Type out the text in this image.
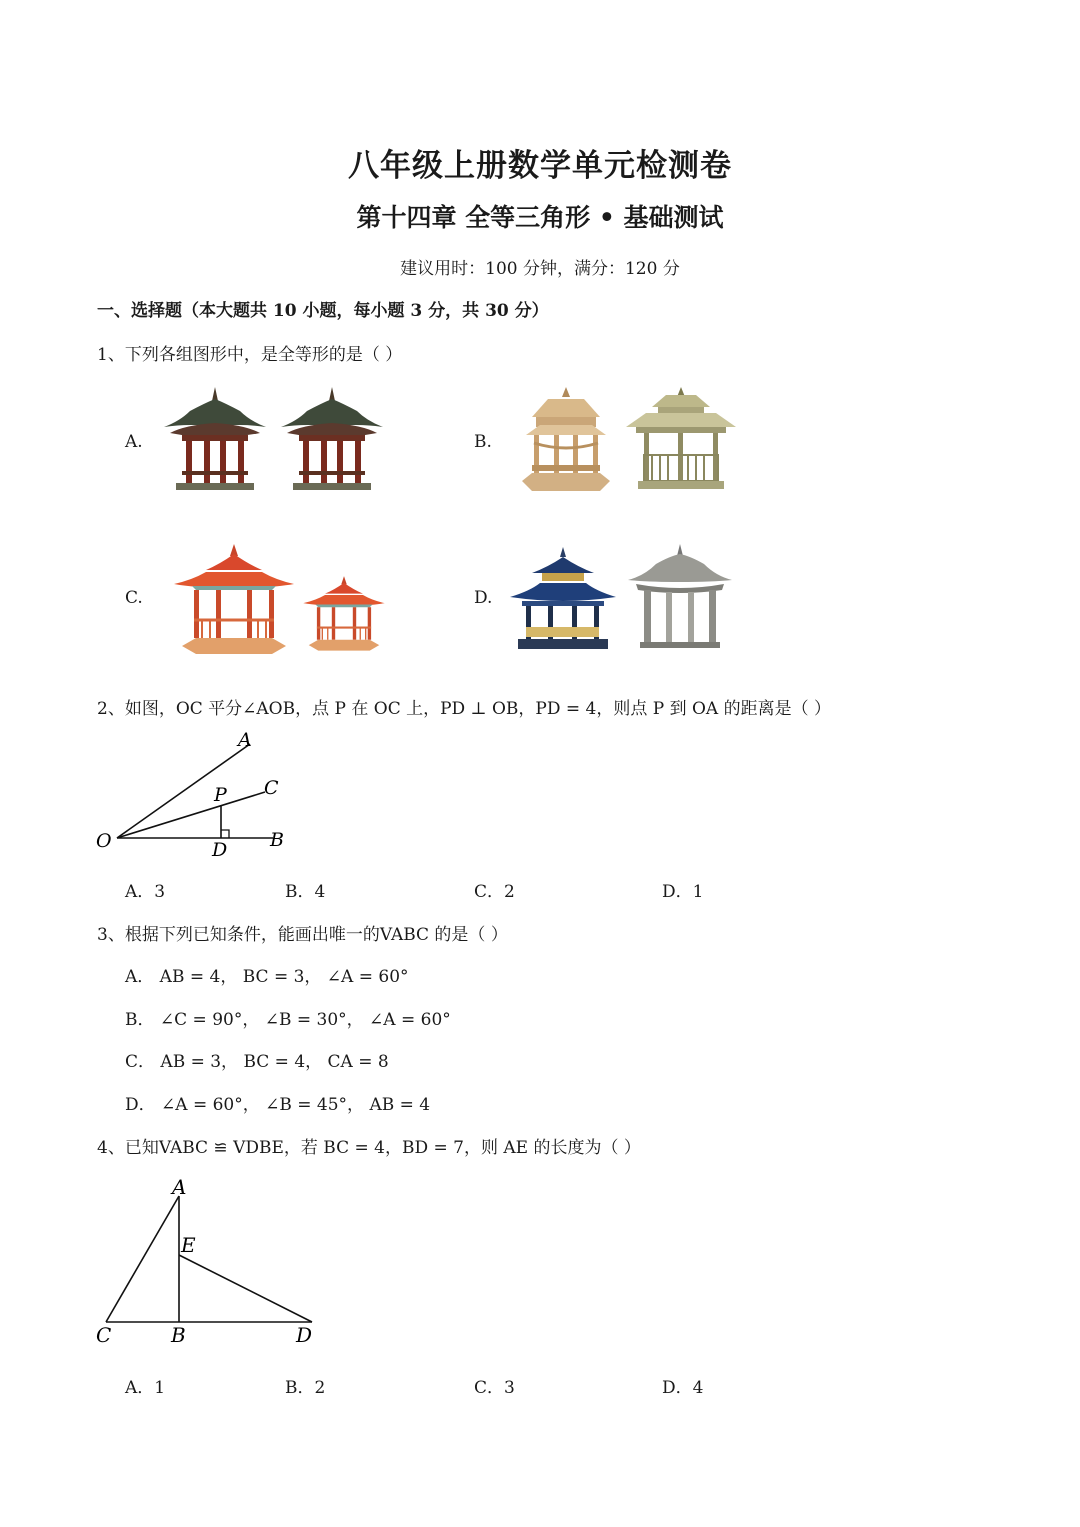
八年级上册数学单元检测卷
第十四章 全等三角形 • 基础测试
建议用时：100 分钟，满分：120 分
一、选择题（本大题共 10 小题，每小题 3 分，共 30 分）
1、下列各组图形中，是全等形的是（ ）
A.	B.
C.	D.
2、如图，OC 平分∠AOB，点 P 在 OC 上，PD ⊥ OB，PD = 4，则点 P 到 OA 的距离是（ ）
A
C
P
O	D B
A．3	B．4	C．2	D．1
3、根据下列已知条件，能画出唯一的VABC 的是（ ）
A． AB = 4， BC = 3， ∠A = 60°
B． ∠C = 90°， ∠B = 30°， ∠A = 60°
C． AB = 3， BC = 4， CA = 8
D． ∠A = 60°， ∠B = 45°， AB = 4
4、已知VABC ≌ VDBE，若 BC = 4，BD = 7，则 AE 的长度为（ ）
A
E
C	B	D
A．1	B．2	C．3	D．4
